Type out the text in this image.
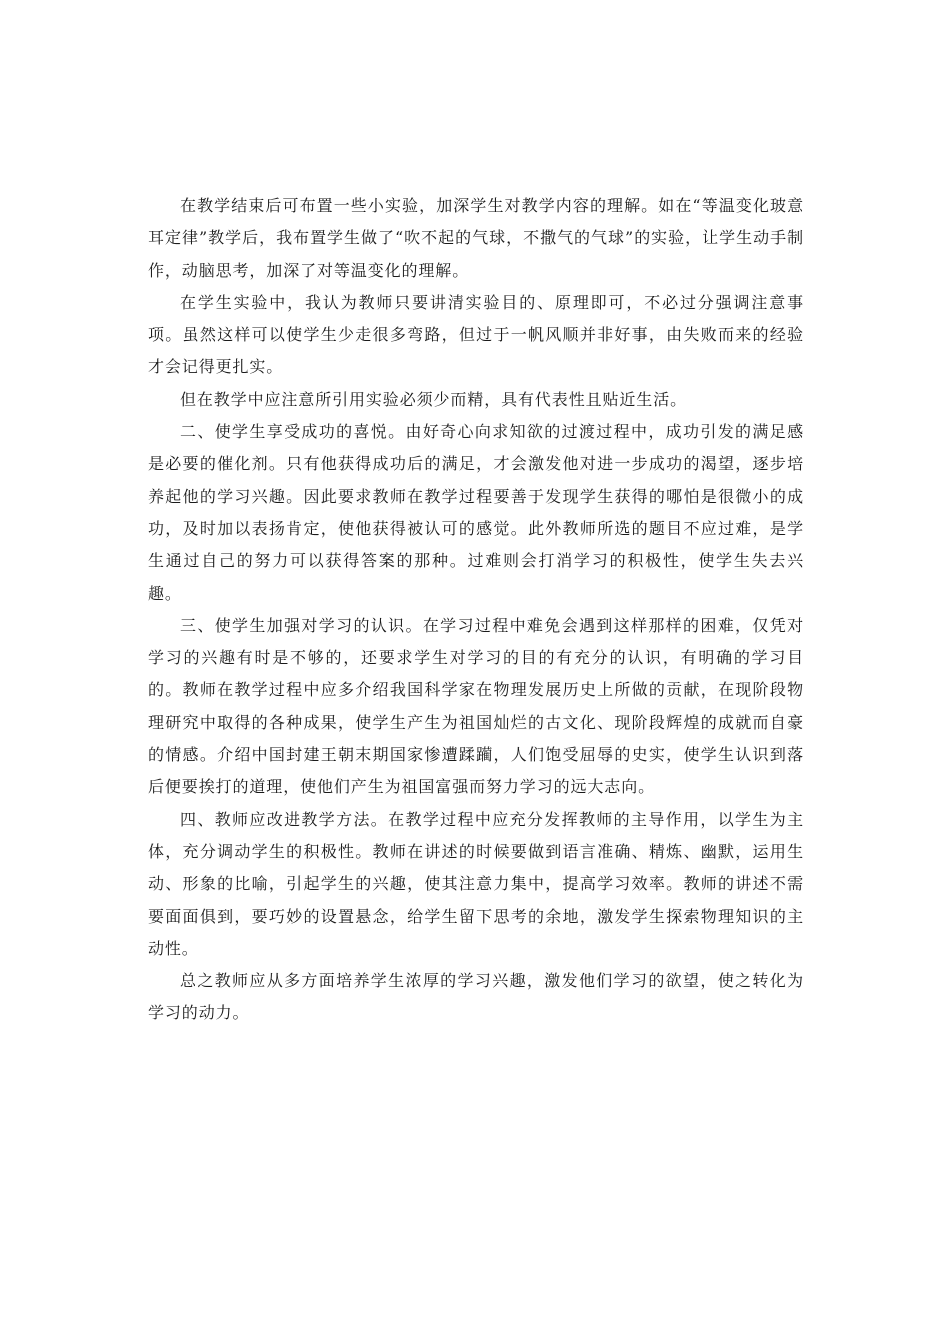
在教学结束后可布置一些小实验，加深学生对教学内容的理解。如在“等温变化玻意耳定律”教学后，我布置学生做了“吹不起的气球，不撒气的气球”的实验，让学生动手制作，动脑思考，加深了对等温变化的理解。

在学生实验中，我认为教师只要讲清实验目的、原理即可，不必过分强调注意事项。虽然这样可以使学生少走很多弯路，但过于一帆风顺并非好事，由失败而来的经验才会记得更扎实。

但在教学中应注意所引用实验必须少而精，具有代表性且贴近生活。

二、使学生享受成功的喜悦。由好奇心向求知欲的过渡过程中，成功引发的满足感是必要的催化剂。只有他获得成功后的满足，才会激发他对进一步成功的渴望，逐步培养起他的学习兴趣。因此要求教师在教学过程要善于发现学生获得的哪怕是很微小的成功，及时加以表扬肯定，使他获得被认可的感觉。此外教师所选的题目不应过难，是学生通过自己的努力可以获得答案的那种。过难则会打消学习的积极性，使学生失去兴趣。

三、使学生加强对学习的认识。在学习过程中难免会遇到这样那样的困难，仅凭对学习的兴趣有时是不够的，还要求学生对学习的目的有充分的认识，有明确的学习目的。教师在教学过程中应多介绍我国科学家在物理发展历史上所做的贡献，在现阶段物理研究中取得的各种成果，使学生产生为祖国灿烂的古文化、现阶段辉煌的成就而自豪的情感。介绍中国封建王朝末期国家惨遭蹂躏，人们饱受屈辱的史实，使学生认识到落后便要挨打的道理，使他们产生为祖国富强而努力学习的远大志向。

四、教师应改进教学方法。在教学过程中应充分发挥教师的主导作用，以学生为主体，充分调动学生的积极性。教师在讲述的时候要做到语言准确、精炼、幽默，运用生动、形象的比喻，引起学生的兴趣，使其注意力集中，提高学习效率。教师的讲述不需要面面俱到，要巧妙的设置悬念，给学生留下思考的余地，激发学生探索物理知识的主动性。

总之教师应从多方面培养学生浓厚的学习兴趣，激发他们学习的欲望，使之转化为学习的动力。
